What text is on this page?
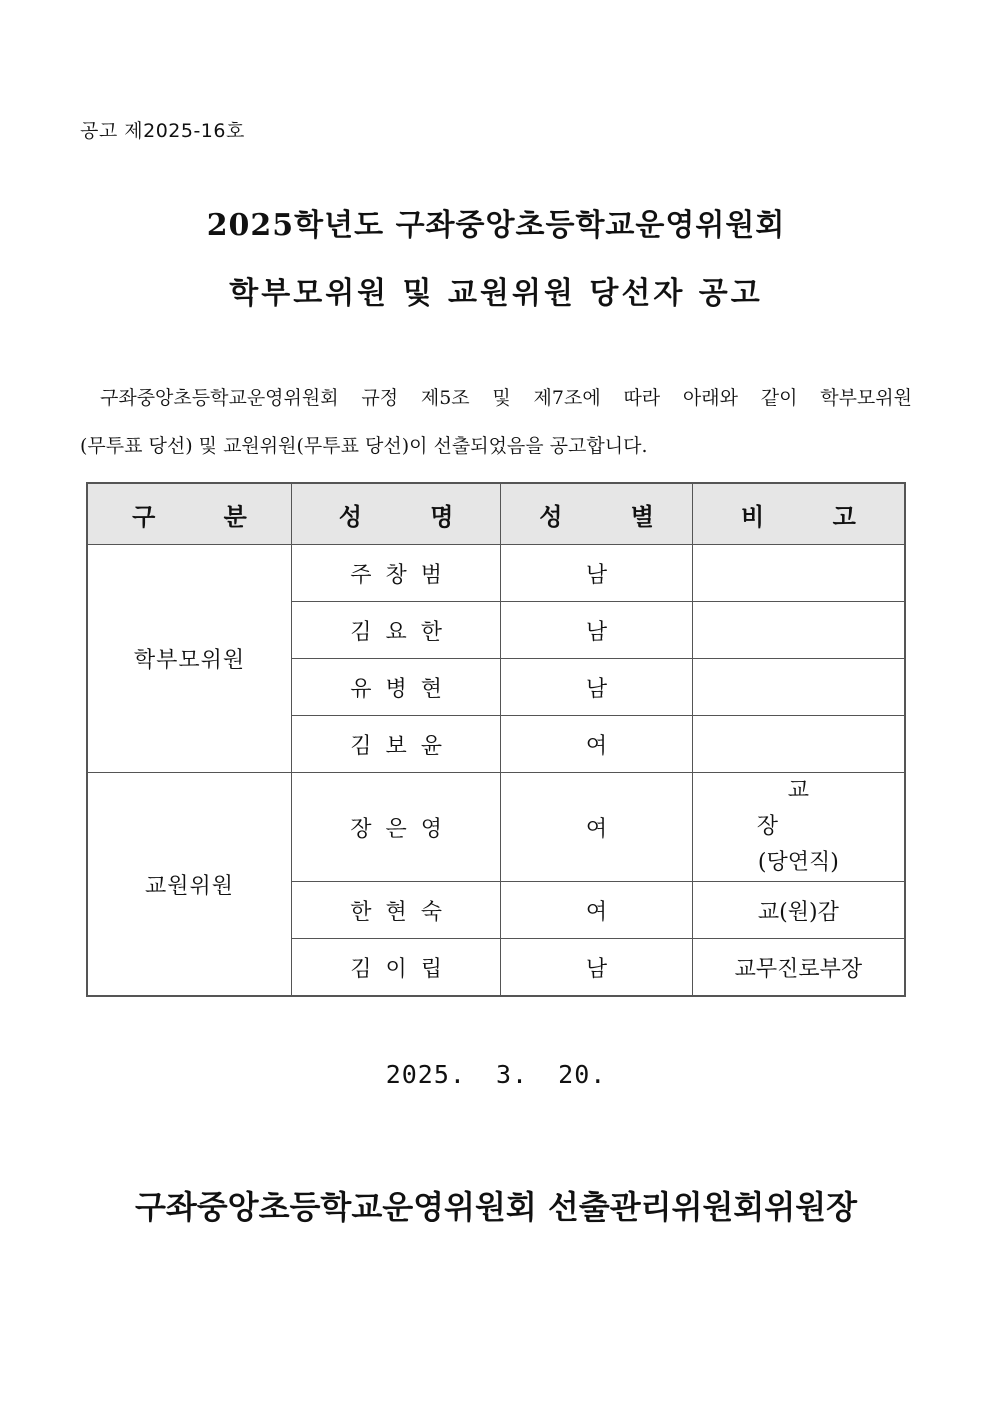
공고 제2025-16호
2025학년도 구좌중앙초등학교운영위원회
학부모위원 및 교원위원 당선자 공고
구좌중앙초등학교운영위원회 규정 제5조 및 제7조에 따라 아래와 같이 학부모위원
(무투표 당선) 및 교원위원(무투표 당선)이 선출되었음을 공고합니다.
구 분	성 명	성 별	비 고
학부모위원	주창범	남	
	김요한	남	
	유병현	남	
	김보윤	여	
교원위원	장은영	여	교장
(당연직)
	한현숙	여	교(원)감
	김이립	남	교무진로부장
2025. 3. 20.
구좌중앙초등학교운영위원회 선출관리위원회위원장
